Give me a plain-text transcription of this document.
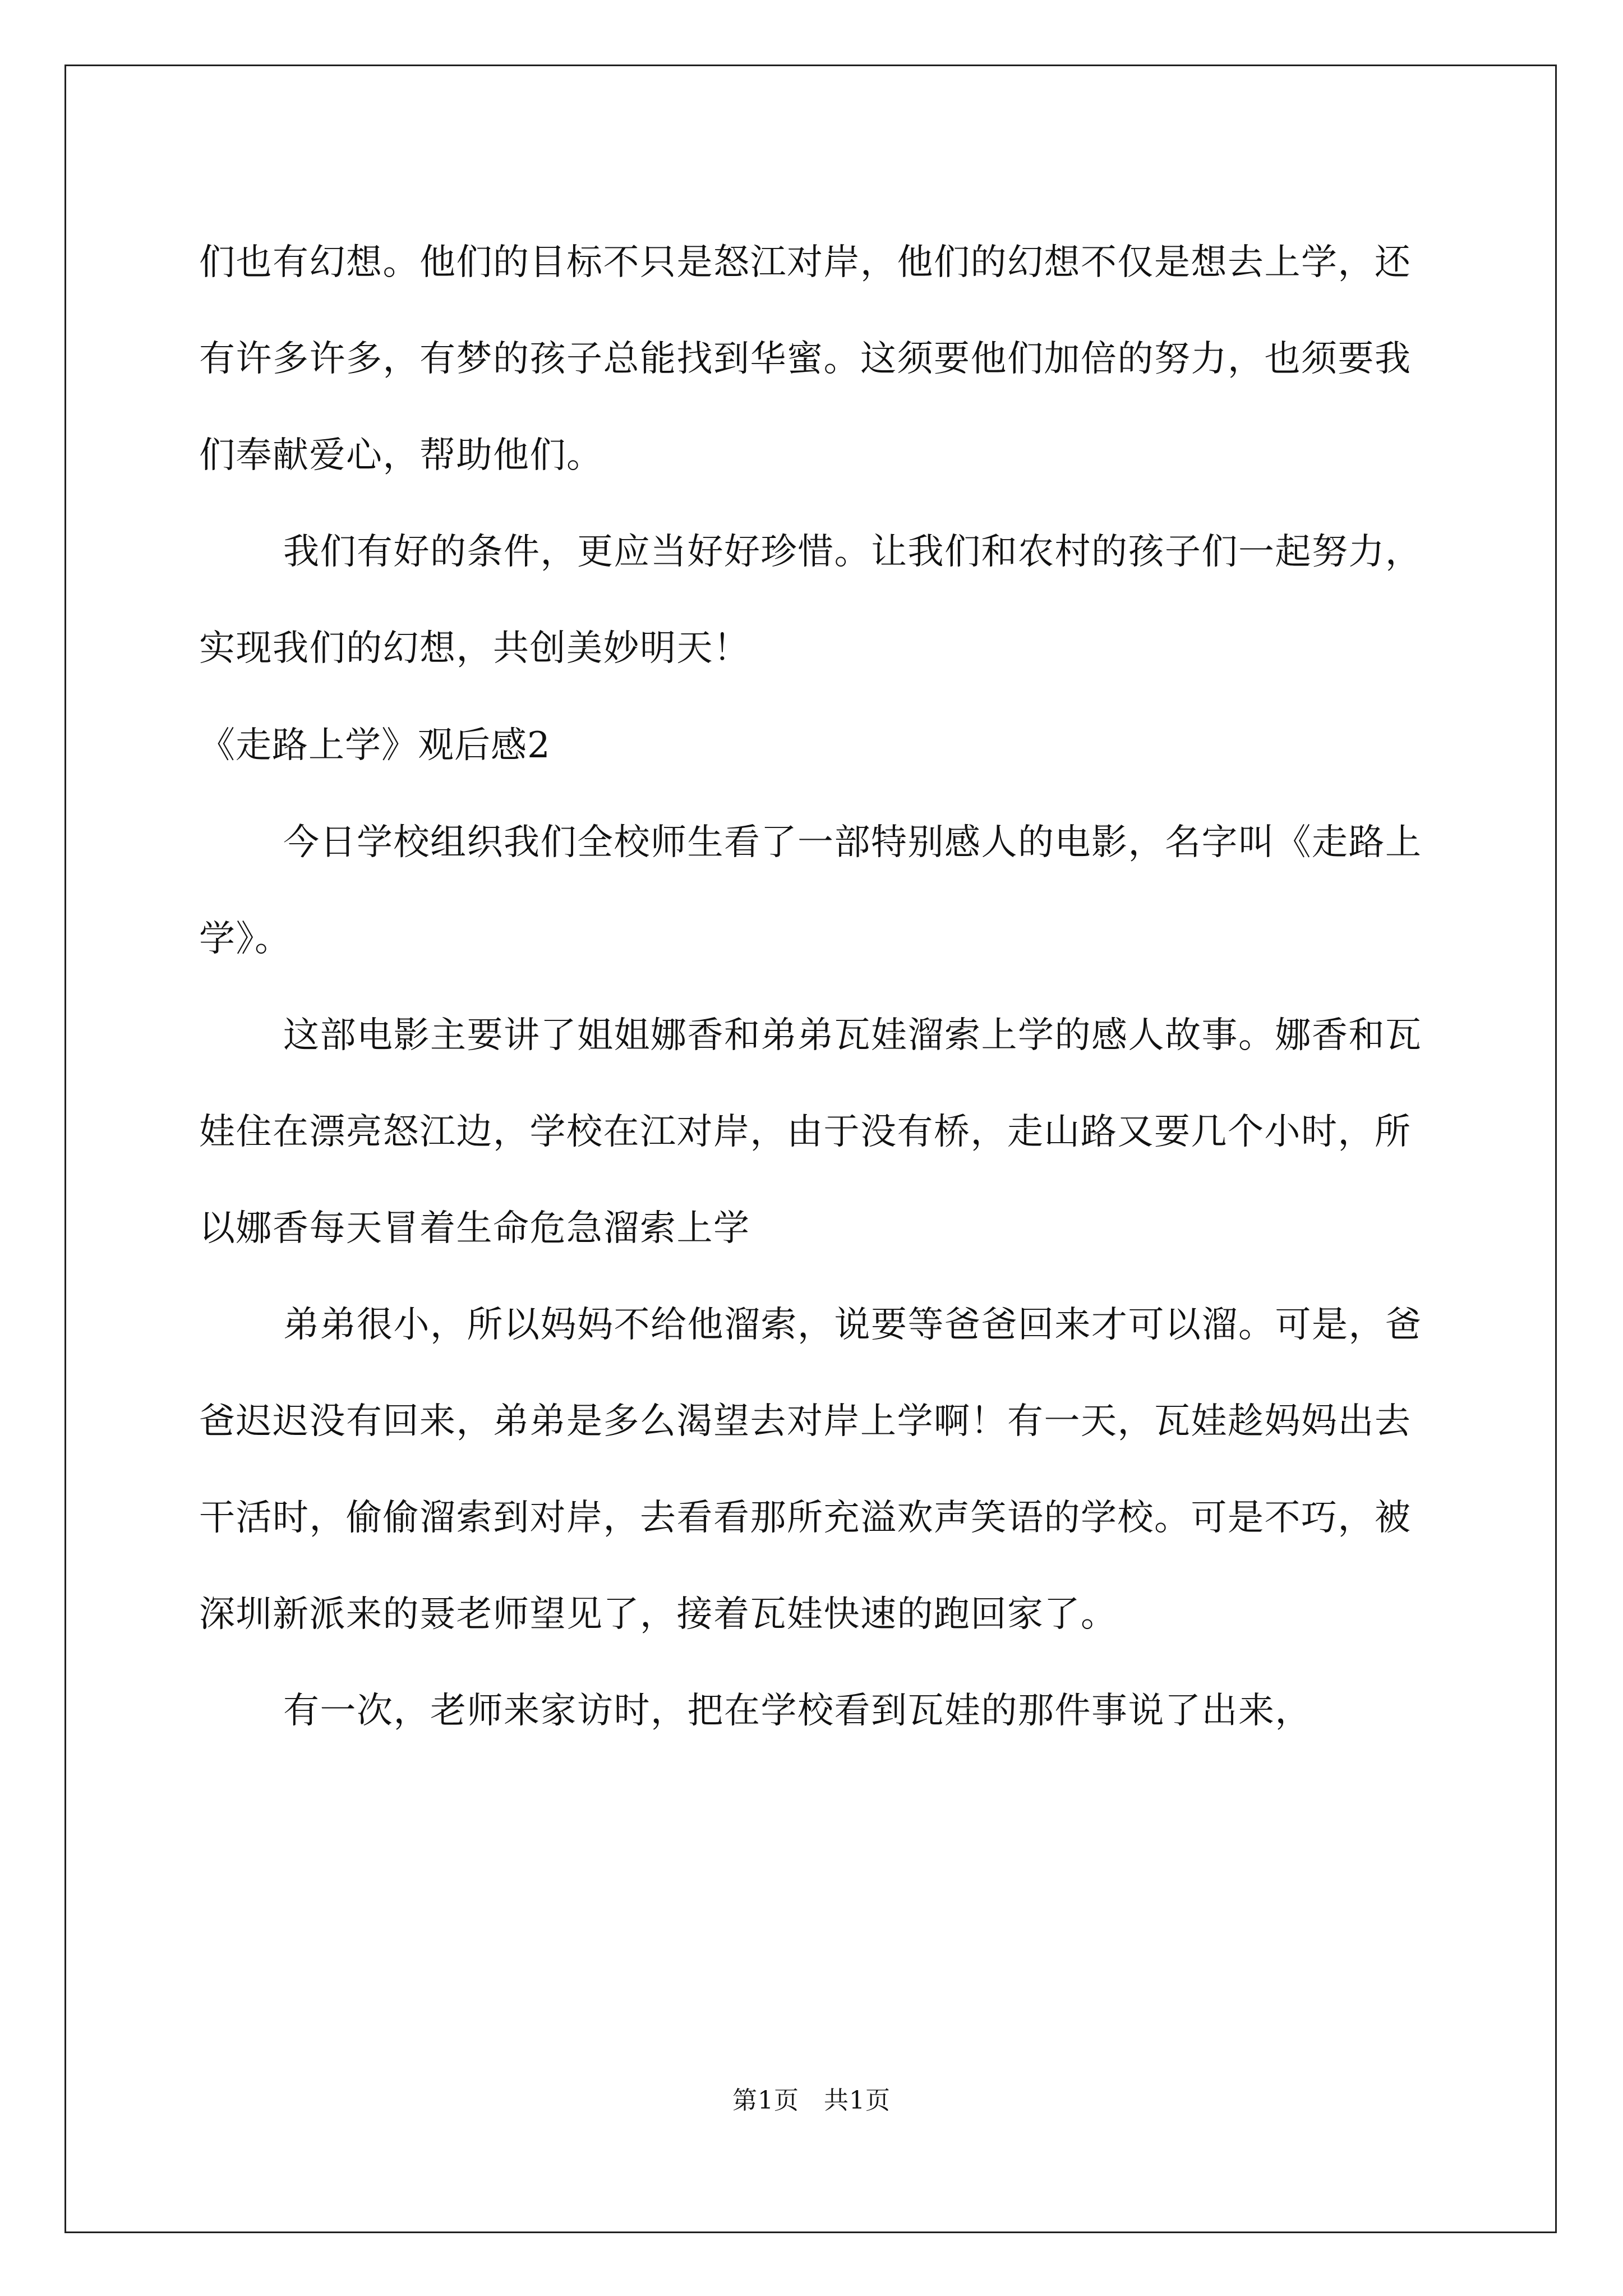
们也有幻想。他们的目标不只是怒江对岸，他们的幻想不仅是想去上学，还有许多许多，有梦的孩子总能找到华蜜。这须要他们加倍的努力，也须要我们奉献爱心，帮助他们。

我们有好的条件，更应当好好珍惜。让我们和农村的孩子们一起努力，实现我们的幻想，共创美妙明天！

《走路上学》观后感2

今日学校组织我们全校师生看了一部特别感人的电影，名字叫《走路上学》。

这部电影主要讲了姐姐娜香和弟弟瓦娃溜索上学的感人故事。娜香和瓦娃住在漂亮怒江边，学校在江对岸，由于没有桥，走山路又要几个小时，所以娜香每天冒着生命危急溜索上学

弟弟很小，所以妈妈不给他溜索，说要等爸爸回来才可以溜。可是，爸爸迟迟没有回来，弟弟是多么渴望去对岸上学啊！有一天，瓦娃趁妈妈出去干活时，偷偷溜索到对岸，去看看那所充溢欢声笑语的学校。可是不巧，被深圳新派来的聂老师望见了，接着瓦娃快速的跑回家了。

有一次，老师来家访时，把在学校看到瓦娃的那件事说了出来，

第1页 共1页
